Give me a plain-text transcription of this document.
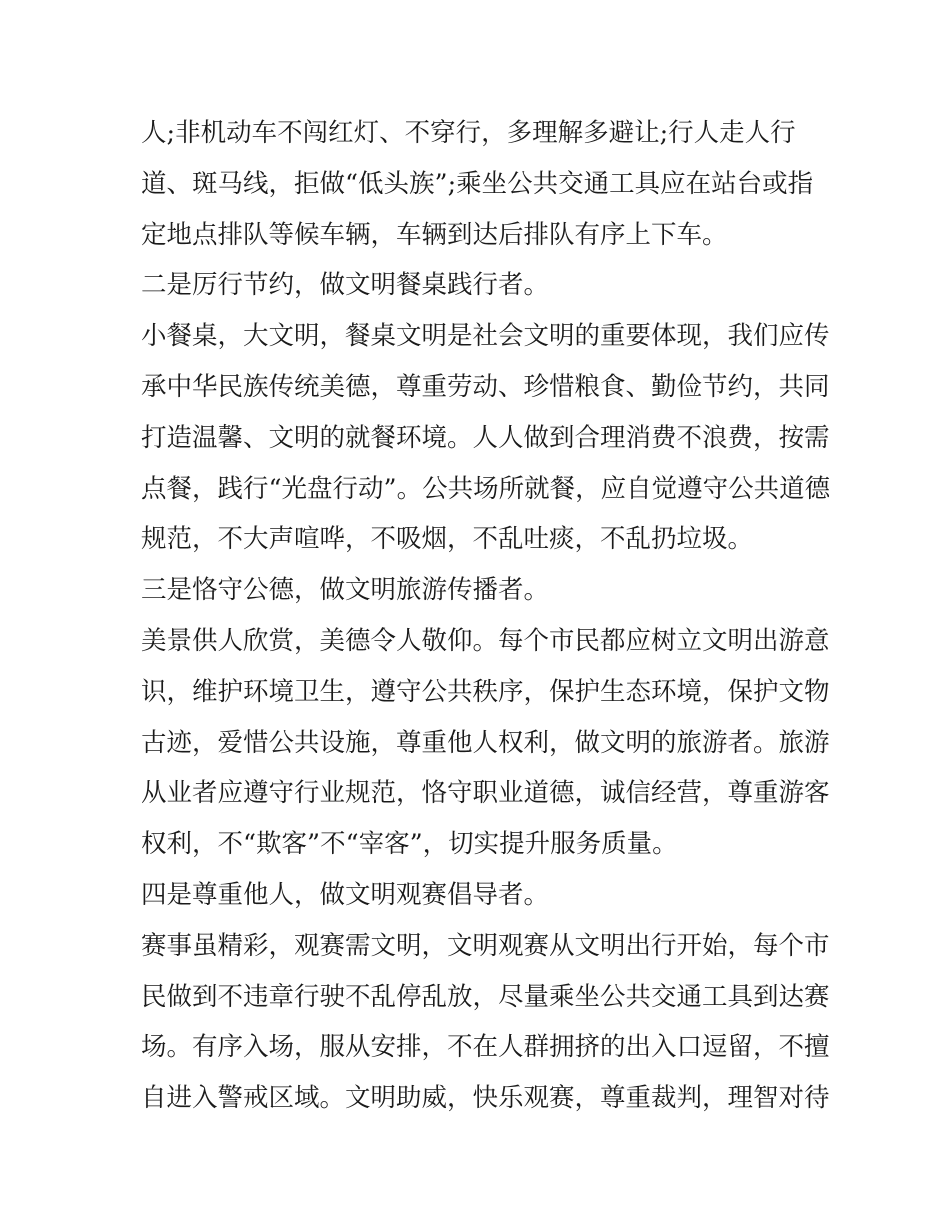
人;非机动车不闯红灯、不穿行，多理解多避让;行人走人行
道、斑马线，拒做“低头族”;乘坐公共交通工具应在站台或指
定地点排队等候车辆，车辆到达后排队有序上下车。
二是厉行节约，做文明餐桌践行者。
小餐桌，大文明，餐桌文明是社会文明的重要体现，我们应传
承中华民族传统美德，尊重劳动、珍惜粮食、勤俭节约，共同
打造温馨、文明的就餐环境。人人做到合理消费不浪费，按需
点餐，践行“光盘行动”。公共场所就餐，应自觉遵守公共道德
规范，不大声喧哗，不吸烟，不乱吐痰，不乱扔垃圾。
三是恪守公德，做文明旅游传播者。
美景供人欣赏，美德令人敬仰。每个市民都应树立文明出游意
识，维护环境卫生，遵守公共秩序，保护生态环境，保护文物
古迹，爱惜公共设施，尊重他人权利，做文明的旅游者。旅游
从业者应遵守行业规范，恪守职业道德，诚信经营，尊重游客
权利，不“欺客”不“宰客”，切实提升服务质量。
四是尊重他人，做文明观赛倡导者。
赛事虽精彩，观赛需文明，文明观赛从文明出行开始，每个市
民做到不违章行驶不乱停乱放，尽量乘坐公共交通工具到达赛
场。有序入场，服从安排，不在人群拥挤的出入口逗留，不擅
自进入警戒区域。文明助威，快乐观赛，尊重裁判，理智对待
